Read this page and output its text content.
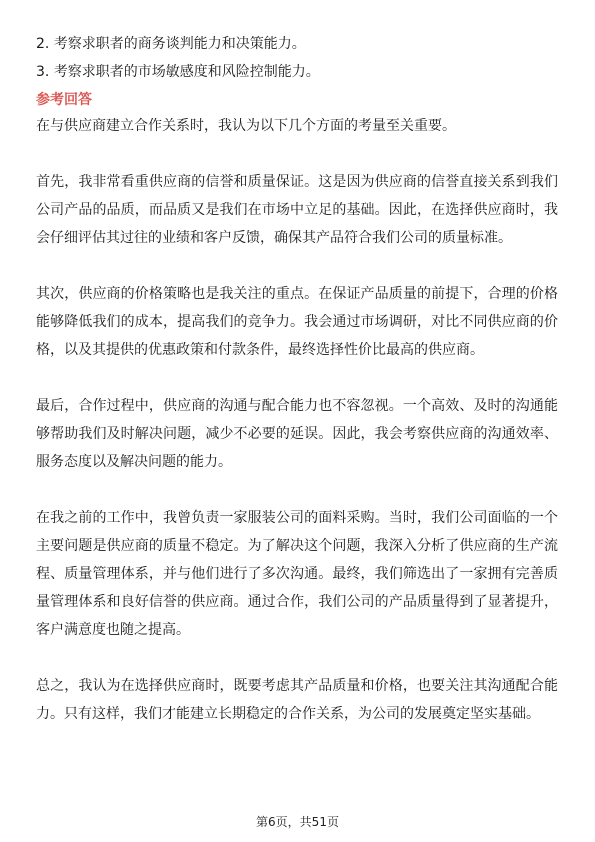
2. 考察求职者的商务谈判能力和决策能力。
3. 考察求职者的市场敏感度和风险控制能力。
参考回答

在与供应商建立合作关系时，我认为以下几个方面的考量至关重要。

首先，我非常看重供应商的信誉和质量保证。这是因为供应商的信誉直接关系到我们公司产品的品质，而品质又是我们在市场中立足的基础。因此，在选择供应商时，我会仔细评估其过往的业绩和客户反馈，确保其产品符合我们公司的质量标准。

其次，供应商的价格策略也是我关注的重点。在保证产品质量的前提下，合理的价格能够降低我们的成本，提高我们的竞争力。我会通过市场调研，对比不同供应商的价格，以及其提供的优惠政策和付款条件，最终选择性价比最高的供应商。

最后，合作过程中，供应商的沟通与配合能力也不容忽视。一个高效、及时的沟通能够帮助我们及时解决问题，减少不必要的延误。因此，我会考察供应商的沟通效率、服务态度以及解决问题的能力。

在我之前的工作中，我曾负责一家服装公司的面料采购。当时，我们公司面临的一个主要问题是供应商的质量不稳定。为了解决这个问题，我深入分析了供应商的生产流程、质量管理体系，并与他们进行了多次沟通。最终，我们筛选出了一家拥有完善质量管理体系和良好信誉的供应商。通过合作，我们公司的产品质量得到了显著提升，客户满意度也随之提高。

总之，我认为在选择供应商时，既要考虑其产品质量和价格，也要关注其沟通配合能力。只有这样，我们才能建立长期稳定的合作关系，为公司的发展奠定坚实基础。

第6页，共51页
